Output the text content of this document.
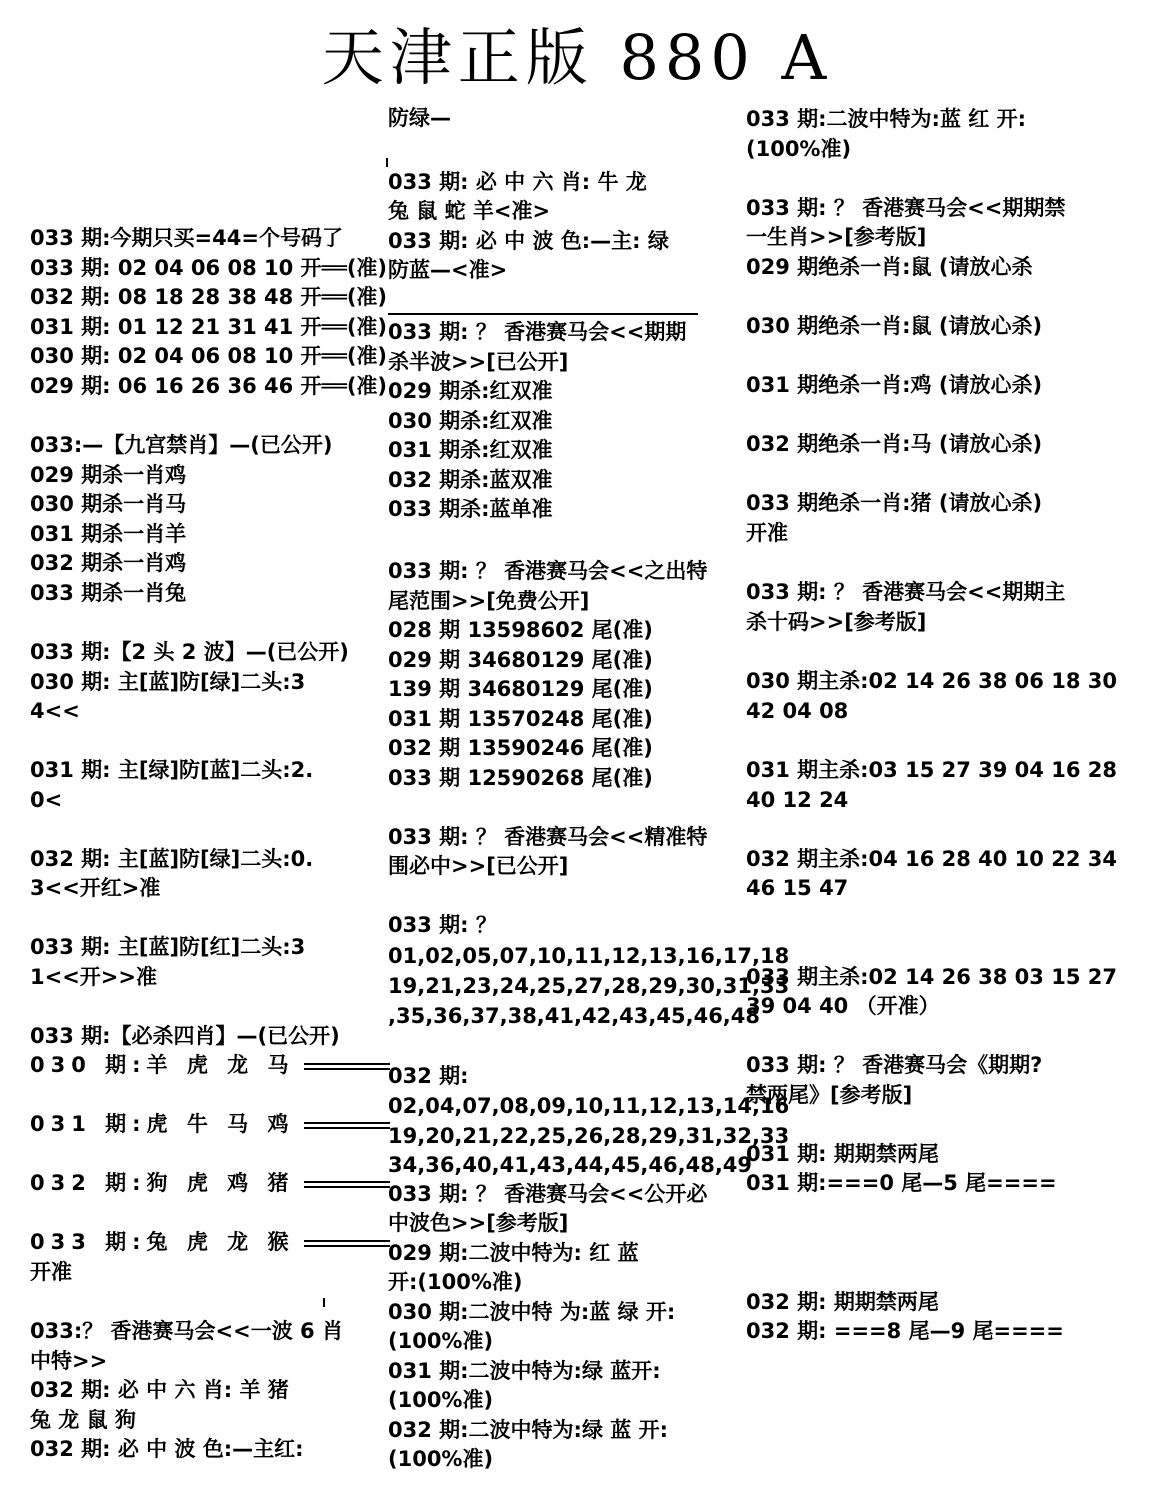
天津正版 880 A
033 期:今期只买=44=个号码了
033 期: 02 04 06 08 10 开══(准)
032 期: 08 18 28 38 48 开══(准)
031 期: 01 12 21 31 41 开══(准)
030 期: 02 04 06 08 10 开══(准)
029 期: 06 16 26 36 46 开══(准)
033:—【九宫禁肖】—(已公开)
029 期杀一肖鸡
030 期杀一肖马
031 期杀一肖羊
032 期杀一肖鸡
033 期杀一肖兔
033 期:【2 头 2 波】—(已公开)
030 期: 主[蓝]防[绿]二头:3
4<<
031 期: 主[绿]防[蓝]二头:2.
0<
032 期: 主[蓝]防[绿]二头:0.
3<<开红>准
033 期: 主[蓝]防[红]二头:3
1<<开>>准
033 期:【必杀四肖】—(已公开)
030 期:羊 虎 龙 马
031 期:虎 牛 马 鸡
032 期:狗 虎 鸡 猪
033 期:兔 虎 龙 猴
开准
033:？ 香港赛马会<<一波 6 肖
中特>>
032 期: 必 中 六 肖: 羊 猪
兔 龙 鼠 狗
032 期: 必 中 波 色:—主红:
防绿—
033 期: 必 中 六 肖: 牛 龙
兔 鼠 蛇 羊<准>
033 期: 必 中 波 色:—主: 绿
防蓝—<准>
033 期: ？ 香港赛马会<<期期
杀半波>>[已公开]
029 期杀:红双准
030 期杀:红双准
031 期杀:红双准
032 期杀:蓝双准
033 期杀:蓝单准
033 期: ？ 香港赛马会<<之出特
尾范围>>[免费公开]
028 期 13598602 尾(准)
029 期 34680129 尾(准)
139 期 34680129 尾(准)
031 期 13570248 尾(准)
032 期 13590246 尾(准)
033 期 12590268 尾(准)
033 期: ？ 香港赛马会<<精准特
围必中>>[已公开]
033 期: ？
01,02,05,07,10,11,12,13,16,17,18
19,21,23,24,25,27,28,29,30,31,33
,35,36,37,38,41,42,43,45,46,48
032 期:
02,04,07,08,09,10,11,12,13,14,16
19,20,21,22,25,26,28,29,31,32,33
34,36,40,41,43,44,45,46,48,49
033 期: ？ 香港赛马会<<公开必
中波色>>[参考版]
029 期:二波中特为: 红 蓝
开:(100%准)
030 期:二波中特 为:蓝 绿 开:
(100%准)
031 期:二波中特为:绿 蓝开:
(100%准)
032 期:二波中特为:绿 蓝 开:
(100%准)
033 期:二波中特为:蓝 红 开:
(100%准)
033 期: ？ 香港赛马会<<期期禁
一生肖>>[参考版]
029 期绝杀一肖:鼠 (请放心杀
030 期绝杀一肖:鼠 (请放心杀)
031 期绝杀一肖:鸡 (请放心杀)
032 期绝杀一肖:马 (请放心杀)
033 期绝杀一肖:猪 (请放心杀)
开准
033 期: ？ 香港赛马会<<期期主
杀十码>>[参考版]
030 期主杀:02 14 26 38 06 18 30
42 04 08
031 期主杀:03 15 27 39 04 16 28
40 12 24
032 期主杀:04 16 28 40 10 22 34
46 15 47
033 期主杀:02 14 26 38 03 15 27
39 04 40 （开准）
033 期: ？ 香港赛马会《期期?
禁两尾》[参考版]
031 期: 期期禁两尾
031 期:===0 尾—5 尾====
032 期: 期期禁两尾
032 期: ===8 尾—9 尾====
